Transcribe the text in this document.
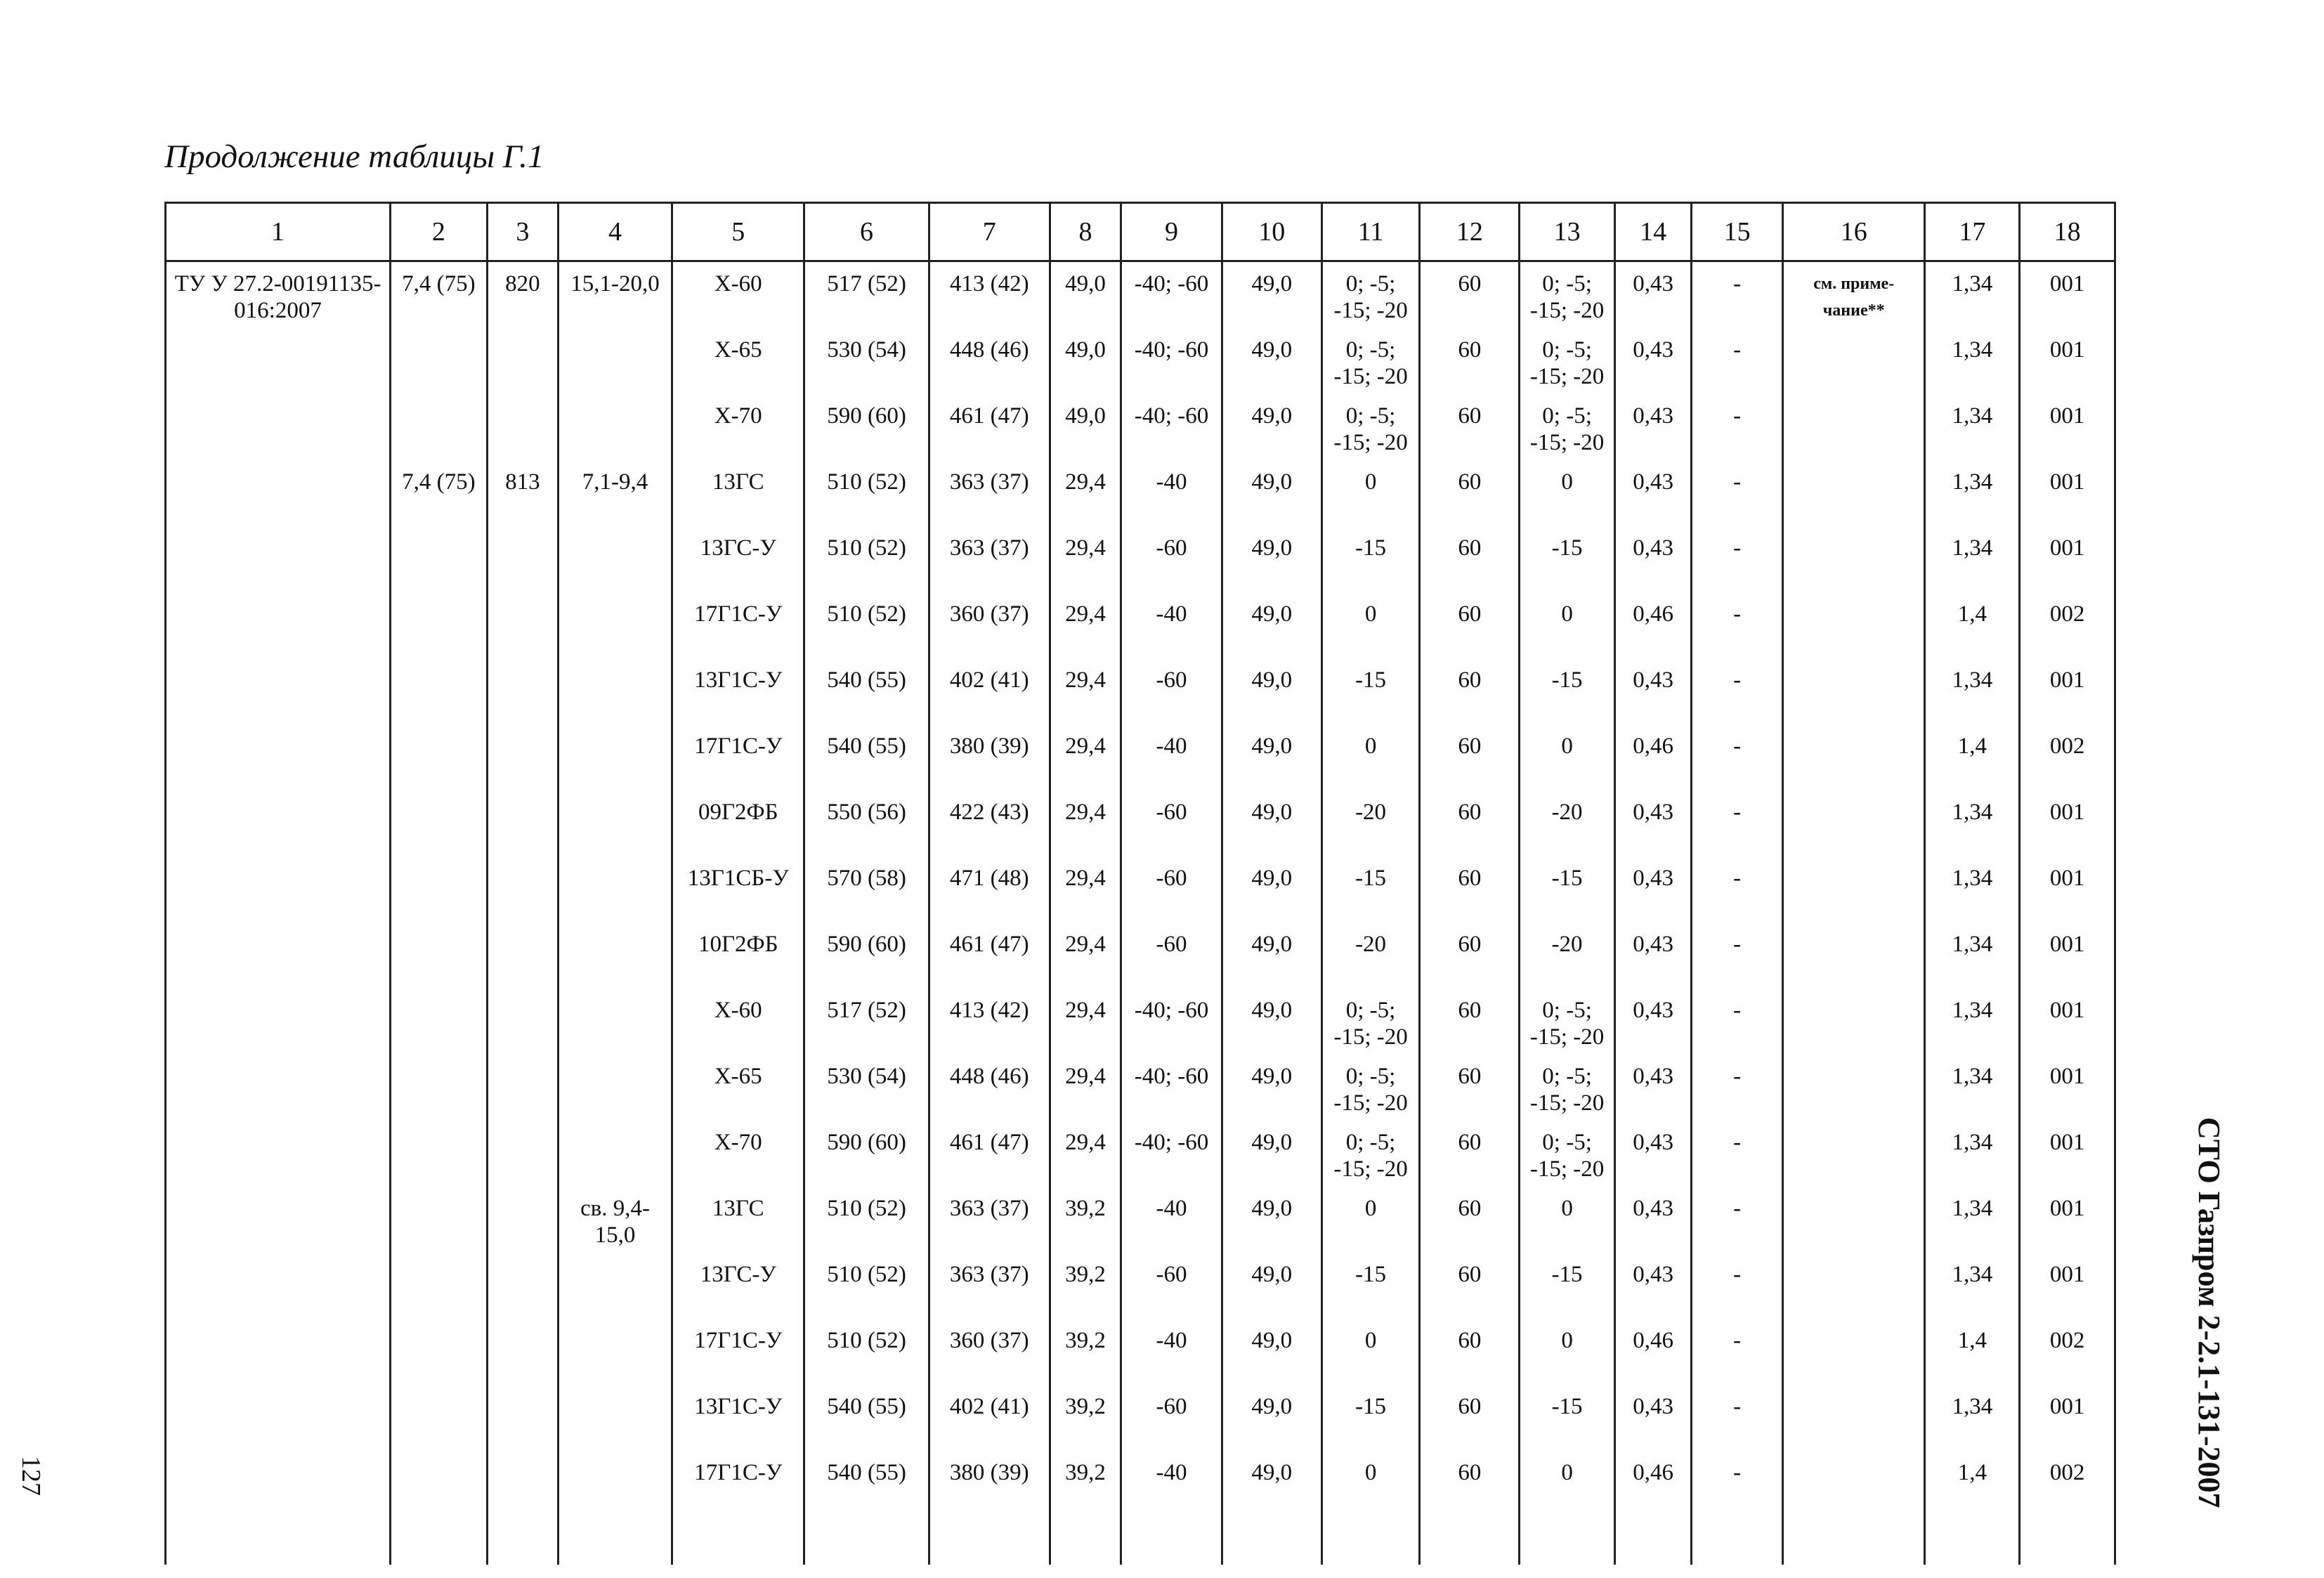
Продолжение таблицы Г.1
1	2	3	4	5	6	7	8	9	10	11	12	13	14	15	16	17	18
ТУ У 27.2-00191135-016:2007	7,4 (75)	820	15,1-20,0	Х-60	517 (52)	413 (42)	49,0	-40; -60	49,0	0; -5; -15; -20	60	0; -5; -15; -20	0,43	-	см. приме-чание**	1,34	001
				Х-65	530 (54)	448 (46)	49,0	-40; -60	49,0	0; -5; -15; -20	60	0; -5; -15; -20	0,43	-		1,34	001
				Х-70	590 (60)	461 (47)	49,0	-40; -60	49,0	0; -5; -15; -20	60	0; -5; -15; -20	0,43	-		1,34	001
	7,4 (75)	813	7,1-9,4	13ГС	510 (52)	363 (37)	29,4	-40	49,0	0	60	0	0,43	-		1,34	001
				13ГС-У	510 (52)	363 (37)	29,4	-60	49,0	-15	60	-15	0,43	-		1,34	001
				17Г1С-У	510 (52)	360 (37)	29,4	-40	49,0	0	60	0	0,46	-		1,4	002
				13Г1С-У	540 (55)	402 (41)	29,4	-60	49,0	-15	60	-15	0,43	-		1,34	001
				17Г1С-У	540 (55)	380 (39)	29,4	-40	49,0	0	60	0	0,46	-		1,4	002
				09Г2ФБ	550 (56)	422 (43)	29,4	-60	49,0	-20	60	-20	0,43	-		1,34	001
				13Г1СБ-У	570 (58)	471 (48)	29,4	-60	49,0	-15	60	-15	0,43	-		1,34	001
				10Г2ФБ	590 (60)	461 (47)	29,4	-60	49,0	-20	60	-20	0,43	-		1,34	001
				Х-60	517 (52)	413 (42)	29,4	-40; -60	49,0	0; -5; -15; -20	60	0; -5; -15; -20	0,43	-		1,34	001
				Х-65	530 (54)	448 (46)	29,4	-40; -60	49,0	0; -5; -15; -20	60	0; -5; -15; -20	0,43	-		1,34	001
				Х-70	590 (60)	461 (47)	29,4	-40; -60	49,0	0; -5; -15; -20	60	0; -5; -15; -20	0,43	-		1,34	001
			св. 9,4-15,0	13ГС	510 (52)	363 (37)	39,2	-40	49,0	0	60	0	0,43	-		1,34	001
				13ГС-У	510 (52)	363 (37)	39,2	-60	49,0	-15	60	-15	0,43	-		1,34	001
				17Г1С-У	510 (52)	360 (37)	39,2	-40	49,0	0	60	0	0,46	-		1,4	002
				13Г1С-У	540 (55)	402 (41)	39,2	-60	49,0	-15	60	-15	0,43	-		1,34	001
				17Г1С-У	540 (55)	380 (39)	39,2	-40	49,0	0	60	0	0,46	-		1,4	002

127	СТО Газпром 2-2.1-131-2007
